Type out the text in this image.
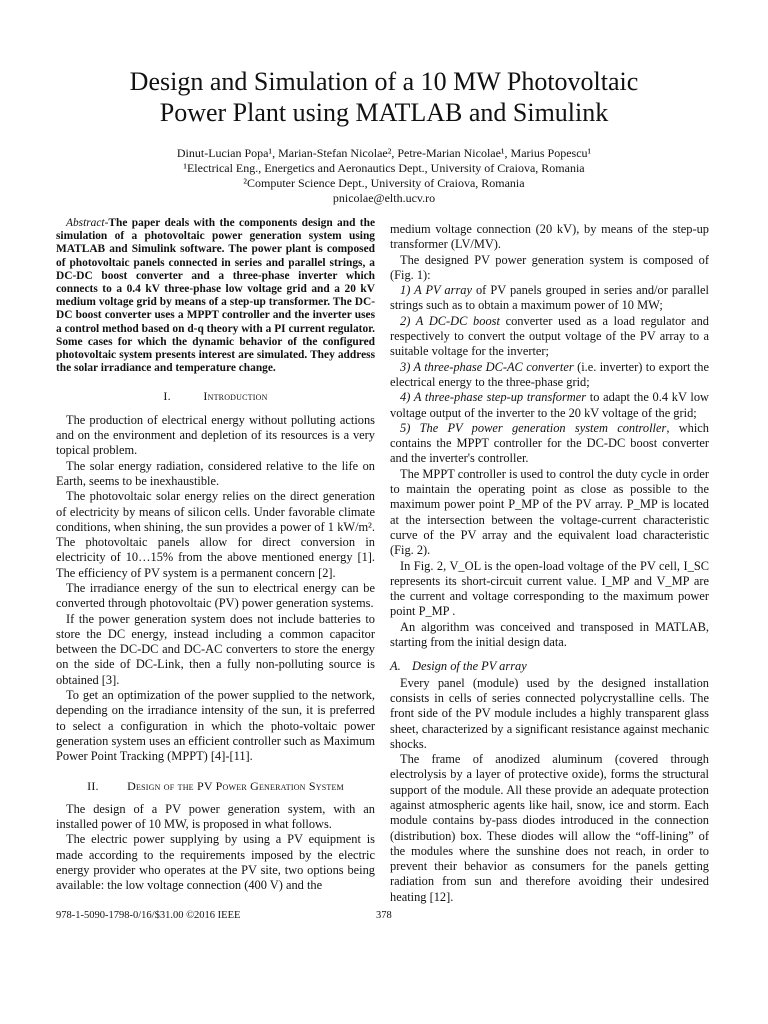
Design and Simulation of a 10 MW Photovoltaic
Power Plant using MATLAB and Simulink
Dinut-Lucian Popa¹, Marian-Stefan Nicolae², Petre-Marian Nicolae¹, Marius Popescu¹
¹Electrical Eng., Energetics and Aeronautics Dept., University of Craiova, Romania
²Computer Science Dept., University of Craiova, Romania
pnicolae@elth.ucv.ro

Abstract-The paper deals with the components design and the simulation of a photovoltaic power generation system using MATLAB and Simulink software. The power plant is composed of photovoltaic panels connected in series and parallel strings, a DC-DC boost converter and a three-phase inverter which connects to a 0.4 kV three-phase low voltage grid and a 20 kV medium voltage grid by means of a step-up transformer. The DC-DC boost converter uses a MPPT controller and the inverter uses a control method based on d-q theory with a PI current regulator. Some cases for which the dynamic behavior of the configured photovoltaic system presents interest are simulated. They address the solar irradiance and temperature change.

I.	Introduction

The production of electrical energy without polluting actions and on the environment and depletion of its resources is a very topical problem.

The solar energy radiation, considered relative to the life on Earth, seems to be inexhaustible.

The photovoltaic solar energy relies on the direct generation of electricity by means of silicon cells. Under favorable climate conditions, when shining, the sun provides a power of 1 kW/m². The photovoltaic panels allow for direct conversion in electricity of 10…15% from the above mentioned energy [1]. The efficiency of PV system is a permanent concern [2].

The irradiance energy of the sun to electrical energy can be converted through photovoltaic (PV) power generation systems.

If the power generation system does not include batteries to store the DC energy, instead including a common capacitor between the DC-DC and DC-AC converters to store the energy on the side of DC-Link, then a fully non-polluting source is obtained [3].

To get an optimization of the power supplied to the network, depending on the irradiance intensity of the sun, it is preferred to select a configuration in which the photo-voltaic power generation system uses an efficient controller such as Maximum Power Point Tracking (MPPT) [4]-[11].

II. Design of the PV Power Generation System

The design of a PV power generation system, with an installed power of 10 MW, is proposed in what follows.

The electric power supplying by using a PV equipment is made according to the requirements imposed by the electric energy provider who operates at the PV site, two options being available: the low voltage connection (400 V) and the

medium voltage connection (20 kV), by means of the step-up transformer (LV/MV).

The designed PV power generation system is composed of (Fig. 1):

1) A PV array of PV panels grouped in series and/or parallel strings such as to obtain a maximum power of 10 MW;

2) A DC-DC boost converter used as a load regulator and respectively to convert the output voltage of the PV array to a suitable voltage for the inverter;

3) A three-phase DC-AC converter (i.e. inverter) to export the electrical energy to the three-phase grid;

4) A three-phase step-up transformer to adapt the 0.4 kV low voltage output of the inverter to the 20 kV voltage of the grid;

5) The PV power generation system controller, which contains the MPPT controller for the DC-DC boost converter and the inverter's controller.

The MPPT controller is used to control the duty cycle in order to maintain the operating point as close as possible to the maximum power point P_MP of the PV array. P_MP is located at the intersection between the voltage-current characteristic curve of the PV array and the equivalent load characteristic (Fig. 2).

In Fig. 2, V_OL is the open-load voltage of the PV cell, I_SC represents its short-circuit current value. I_MP and V_MP are the current and voltage corresponding to the maximum power point P_MP .

An algorithm was conceived and transposed in MATLAB, starting from the initial design data.

A. Design of the PV array

Every panel (module) used by the designed installation consists in cells of series connected polycrystalline cells. The front side of the PV module includes a highly transparent glass sheet, characterized by a significant resistance against mechanic shocks.

The frame of anodized aluminum (covered through electrolysis by a layer of protective oxide), forms the structural support of the module. All these provide an adequate protection against atmospheric agents like hail, snow, ice and storm. Each module contains by-pass diodes introduced in the connection (distribution) box. These diodes will allow the “off-lining” of the modules where the sunshine does not reach, in order to prevent their behavior as consumers for the panels getting radiation from sun and therefore avoiding their undesired heating [12].

978-1-5090-1798-0/16/$31.00 ©2016 IEEE	378
